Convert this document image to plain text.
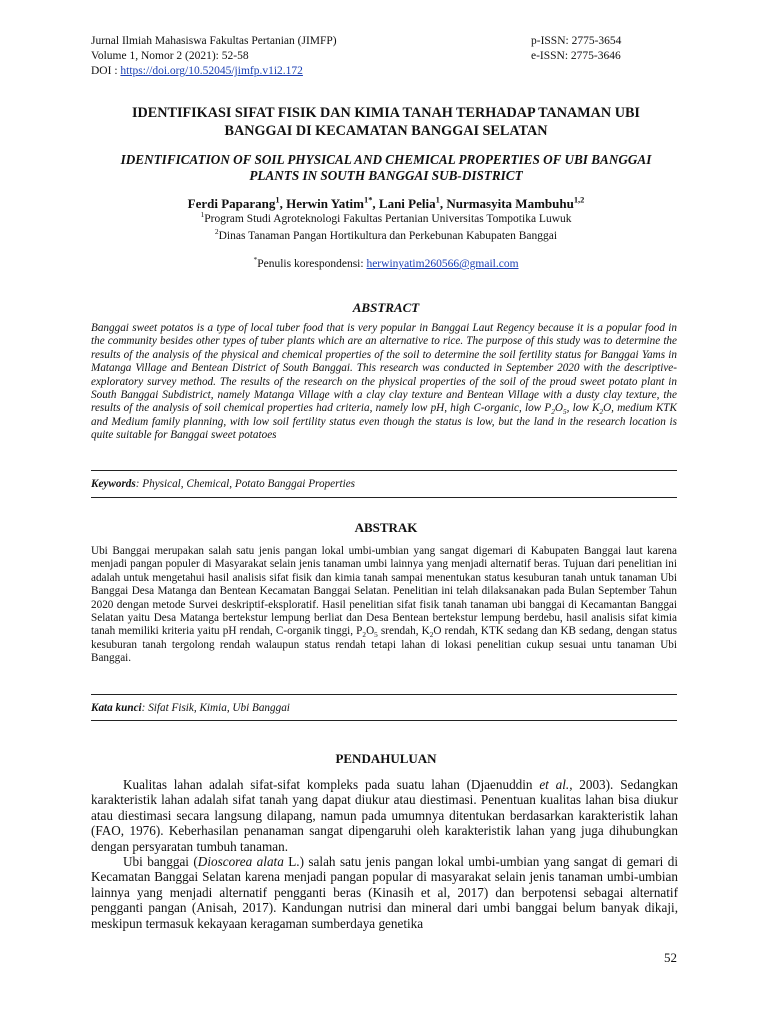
Jurnal Ilmiah Mahasiswa Fakultas Pertanian (JIMFP)
Volume 1, Nomor 2 (2021): 52-58
DOI : https://doi.org/10.52045/jimfp.v1i2.172
p-ISSN: 2775-3654
e-ISSN: 2775-3646
IDENTIFIKASI SIFAT FISIK DAN KIMIA TANAH TERHADAP TANAMAN UBI
BANGGAI DI KECAMATAN BANGGAI SELATAN
IDENTIFICATION OF SOIL PHYSICAL AND CHEMICAL PROPERTIES OF UBI BANGGAI
PLANTS IN SOUTH BANGGAI SUB-DISTRICT
Ferdi Paparang$^1$, Herwin Yatim$^{1*}$, Lani Pelia$^1$, Nurmasyita Mambuhu$^{1,2}$
$^1$Program Studi Agroteknologi Fakultas Pertanian Universitas Tompotika Luwuk
$^2$Dinas Tanaman Pangan Hortikultura dan Perkebunan Kabupaten Banggai
*Penulis korespondensi: herwinyatim260566@gmail.com
ABSTRACT
Banggai sweet potatos is a type of local tuber food that is very popular in Banggai Laut Regency because it is a popular food in the community besides other types of tuber plants which are an alternative to rice. The purpose of this study was to determine the results of the analysis of the physical and chemical properties of the soil to determine the soil fertility status for Banggai Yams in Matanga Village and Bentean District of South Banggai. This research was conducted in September 2020 with the descriptive-exploratory survey method. The results of the research on the physical properties of the soil of the proud sweet potato plant in South Banggai Subdistrict, namely Matanga Village with a clay clay texture and Bentean Village with a dusty clay texture, the results of the analysis of soil chemical properties had criteria, namely low pH, high C-organic, low $P_2O_5$, low $K_2O$, medium KTK and Medium family planning, with low soil fertility status even though the status is low, but the land in the research location is quite suitable for Banggai sweet potatoes
Keywords: Physical, Chemical, Potato Banggai Properties
ABSTRAK
Ubi Banggai merupakan salah satu jenis pangan lokal umbi-umbian yang sangat digemari di Kabupaten Banggai laut karena menjadi pangan populer di Masyarakat selain jenis tanaman umbi lainnya yang menjadi alternatif beras. Tujuan dari penelitian ini adalah untuk mengetahui hasil analisis sifat fisik dan kimia tanah sampai menentukan status kesuburan tanah untuk tanaman Ubi Banggai Desa Matanga dan Bentean Kecamatan Banggai Selatan. Penelitian ini telah dilaksanakan pada Bulan September Tahun 2020 dengan metode Survei deskriptif-eksploratif. Hasil penelitian sifat fisik tanah tanaman ubi banggai di Kecamantan Banggai Selatan yaitu Desa Matanga bertekstur lempung berliat dan Desa Bentean bertekstur lempung berdebu, hasil analisis sifat kimia tanah memiliki kriteria yaitu pH rendah, C-organik tinggi, $P_2O_5$ srendah, $K_2O$ rendah, KTK sedang dan KB sedang, dengan status kesuburan tanah tergolong rendah walaupun status rendah tetapi lahan di lokasi penelitian cukup sesuai untu tanaman Ubi Banggai.
Kata kunci: Sifat Fisik, Kimia, Ubi Banggai
PENDAHULUAN

Kualitas lahan adalah sifat-sifat kompleks pada suatu lahan (Djaenuddin et al., 2003). Sedangkan karakteristik lahan adalah sifat tanah yang dapat diukur atau diestimasi. Penentuan kualitas lahan bisa diukur atau diestimasi secara langsung dilapang, namun pada umumnya ditentukan berdasarkan karakteristik lahan (FAO, 1976). Keberhasilan penanaman sangat dipengaruhi oleh karakteristik lahan yang juga dihubungkan dengan persyaratan tumbuh tanaman.

Ubi banggai (Dioscorea alata L.) salah satu jenis pangan lokal umbi-umbian yang sangat di gemari di Kecamatan Banggai Selatan karena menjadi pangan popular di masyarakat selain jenis tanaman umbi-umbian lainnya yang menjadi alternatif pengganti beras (Kinasih et al, 2017) dan berpotensi sebagai alternatif pengganti pangan (Anisah, 2017). Kandungan nutrisi dan mineral dari umbi banggai belum banyak dikaji, meskipun termasuk kekayaan keragaman sumberdaya genetika

52
